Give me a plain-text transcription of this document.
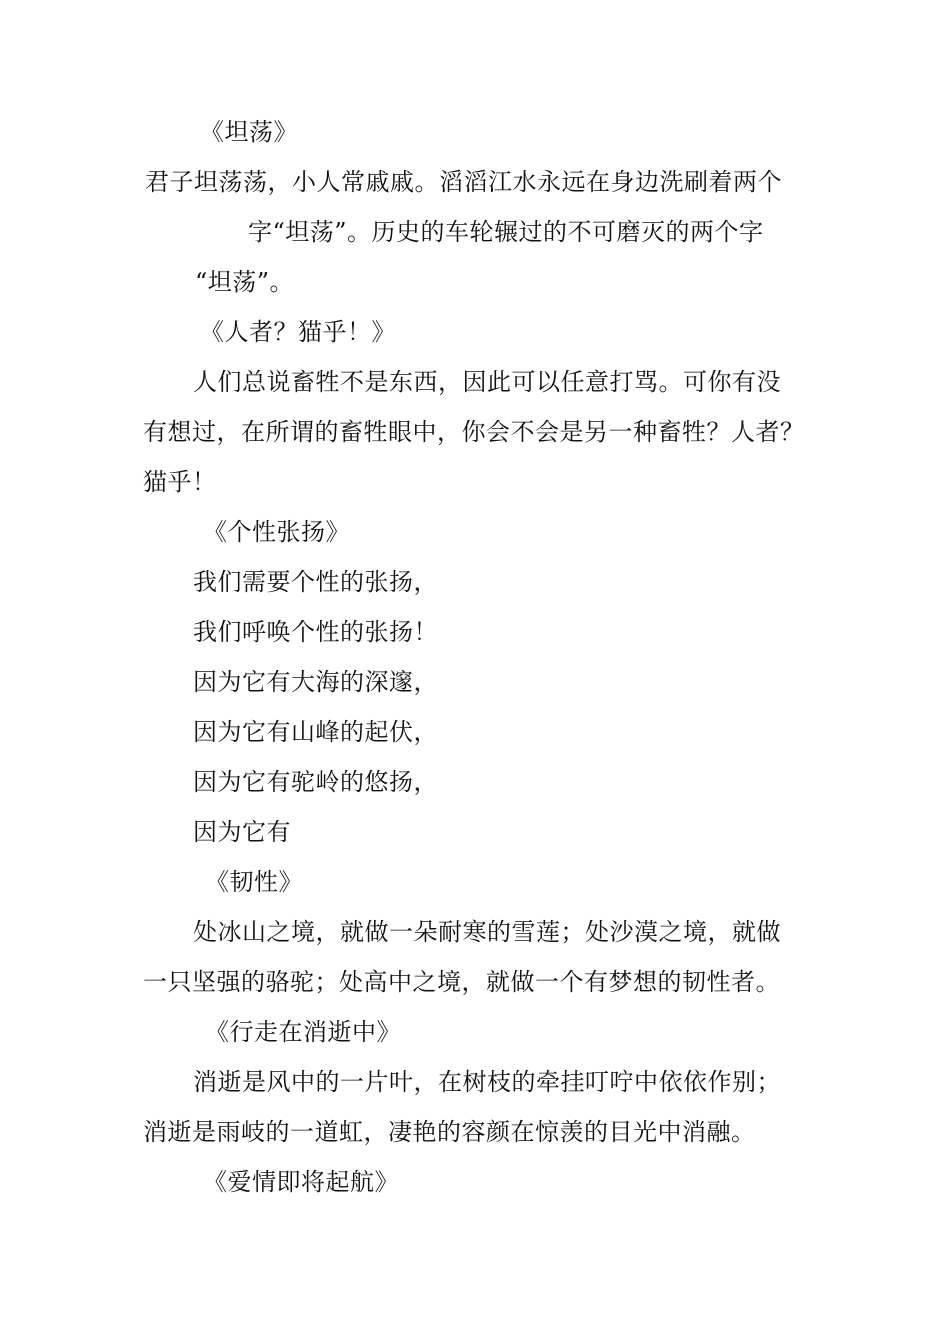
《坦荡》
君子坦荡荡，小人常戚戚。滔滔江水永远在身边洗刷着两个
字“坦荡”。历史的车轮辗过的不可磨灭的两个字
“坦荡”。
《人者？猫乎！》
人们总说畜牲不是东西，因此可以任意打骂。可你有没
有想过，在所谓的畜牲眼中，你会不会是另一种畜牲？人者？
猫乎！
《个性张扬》
我们需要个性的张扬，
我们呼唤个性的张扬！
因为它有大海的深邃，
因为它有山峰的起伏，
因为它有驼岭的悠扬，
因为它有
《韧性》
处冰山之境，就做一朵耐寒的雪莲；处沙漠之境，就做
一只坚强的骆驼；处高中之境，就做一个有梦想的韧性者。
《行走在消逝中》
消逝是风中的一片叶，在树枝的牵挂叮咛中依依作别；
消逝是雨岐的一道虹，凄艳的容颜在惊羡的目光中消融。
《爱情即将起航》
